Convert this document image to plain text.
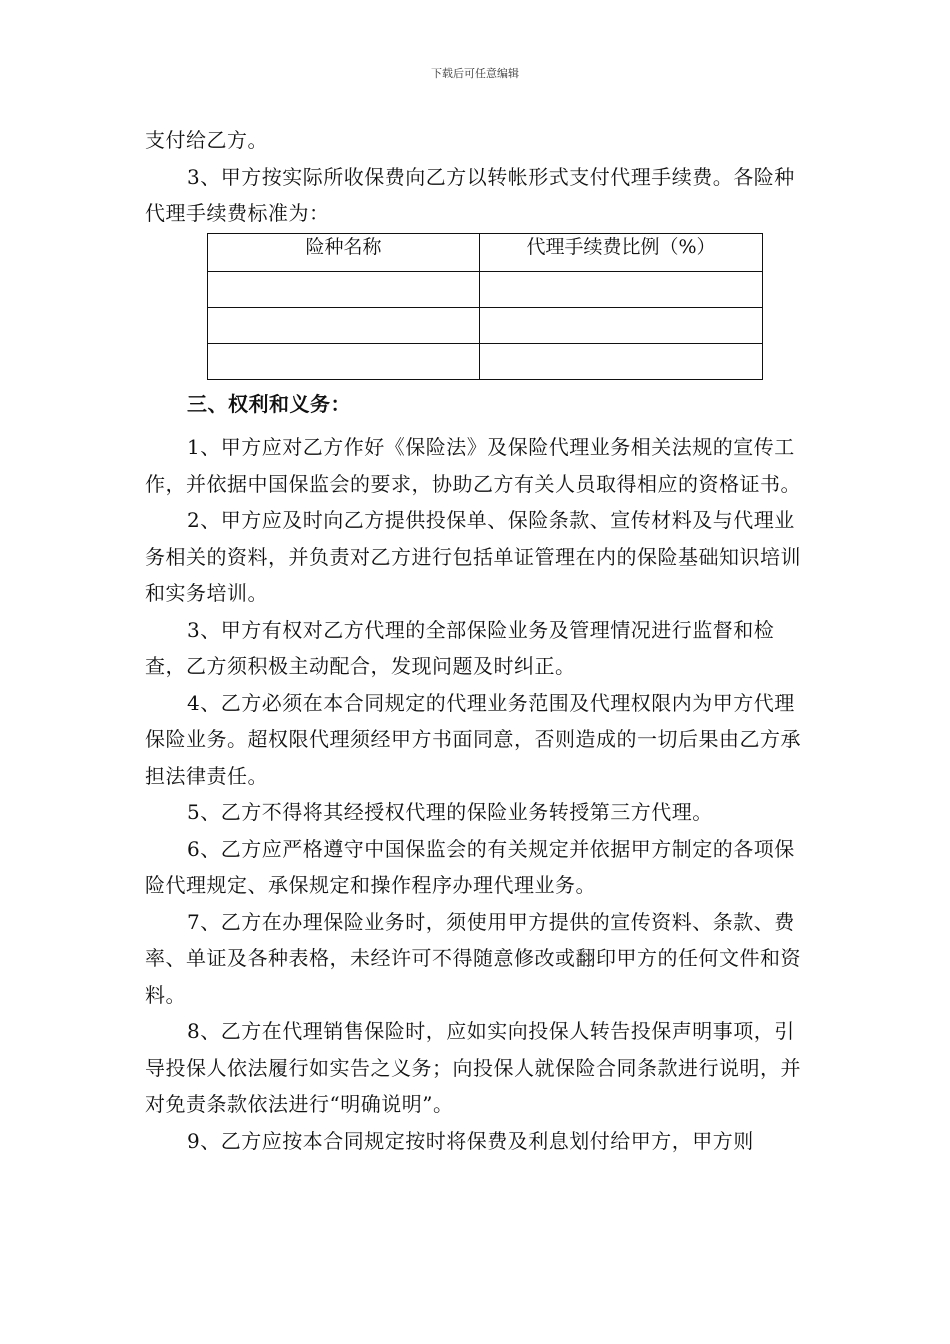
下载后可任意编辑

支付给乙方。

3、甲方按实际所收保费向乙方以转帐形式支付代理手续费。各险种代理手续费标准为：

险种名称	代理手续费比例（%）

三、权利和义务：

1、甲方应对乙方作好《保险法》及保险代理业务相关法规的宣传工作，并依据中国保监会的要求，协助乙方有关人员取得相应的资格证书。

2、甲方应及时向乙方提供投保单、保险条款、宣传材料及与代理业务相关的资料，并负责对乙方进行包括单证管理在内的保险基础知识培训和实务培训。

3、甲方有权对乙方代理的全部保险业务及管理情况进行监督和检查，乙方须积极主动配合，发现问题及时纠正。

4、乙方必须在本合同规定的代理业务范围及代理权限内为甲方代理保险业务。超权限代理须经甲方书面同意，否则造成的一切后果由乙方承担法律责任。

5、乙方不得将其经授权代理的保险业务转授第三方代理。

6、乙方应严格遵守中国保监会的有关规定并依据甲方制定的各项保险代理规定、承保规定和操作程序办理代理业务。

7、乙方在办理保险业务时，须使用甲方提供的宣传资料、条款、费率、单证及各种表格，未经许可不得随意修改或翻印甲方的任何文件和资料。

8、乙方在代理销售保险时，应如实向投保人转告投保声明事项，引导投保人依法履行如实告之义务；向投保人就保险合同条款进行说明，并对免责条款依法进行“明确说明”。

9、乙方应按本合同规定按时将保费及利息划付给甲方，甲方则
